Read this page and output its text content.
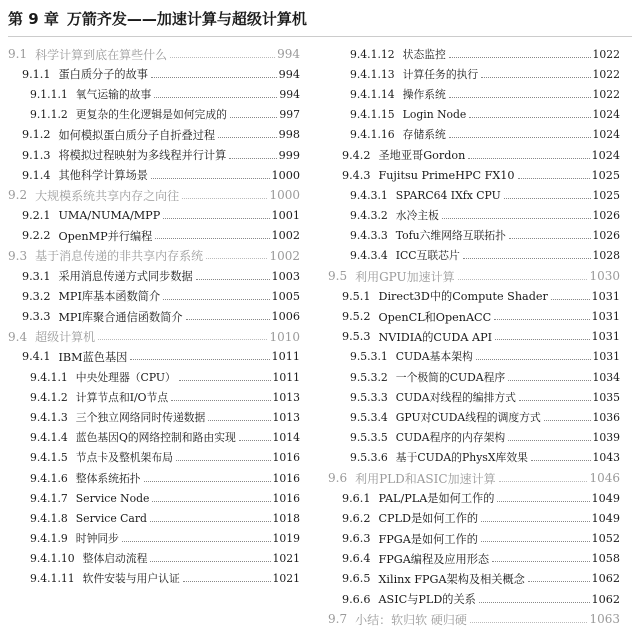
第 9 章 万箭齐发——加速计算与超级计算机
9.1 科学计算到底在算些什么	994
9.1.1 蛋白质分子的故事	994
9.1.1.1 氧气运输的故事	994
9.1.1.2 更复杂的生化逻辑是如何完成的	997
9.1.2 如何模拟蛋白质分子自折叠过程	998
9.1.3 将模拟过程映射为多线程并行计算	999
9.1.4 其他科学计算场景	1000
9.2 大规模系统共享内存之向往	1000
9.2.1 UMA/NUMA/MPP	1001
9.2.2 OpenMP并行编程	1002
9.3 基于消息传递的非共享内存系统	1002
9.3.1 采用消息传递方式同步数据	1003
9.3.2 MPI库基本函数简介	1005
9.3.3 MPI库聚合通信函数简介	1006
9.4 超级计算机	1010
9.4.1 IBM蓝色基因	1011
9.4.1.1 中央处理器（CPU）	1011
9.4.1.2 计算节点和I/O节点	1013
9.4.1.3 三个独立网络同时传递数据	1013
9.4.1.4 蓝色基因Q的网络控制和路由实现	1014
9.4.1.5 节点卡及整机架布局	1016
9.4.1.6 整体系统拓扑	1016
9.4.1.7 Service Node	1016
9.4.1.8 Service Card	1018
9.4.1.9 时钟同步	1019
9.4.1.10 整体启动流程	1021
9.4.1.11 软件安装与用户认证	1021
9.4.1.12 状态监控	1022
9.4.1.13 计算任务的执行	1022
9.4.1.14 操作系统	1022
9.4.1.15 Login Node	1024
9.4.1.16 存储系统	1024
9.4.2 圣地亚哥Gordon	1024
9.4.3 Fujitsu PrimeHPC FX10	1025
9.4.3.1 SPARC64 IXfx CPU	1025
9.4.3.2 水冷主板	1026
9.4.3.3 Tofu六维网络互联拓扑	1026
9.4.3.4 ICC互联芯片	1028
9.5 利用GPU加速计算	1030
9.5.1 Direct3D中的Compute Shader	1031
9.5.2 OpenCL和OpenACC	1031
9.5.3 NVIDIA的CUDA API	1031
9.5.3.1 CUDA基本架构	1031
9.5.3.2 一个极简的CUDA程序	1034
9.5.3.3 CUDA对线程的编排方式	1035
9.5.3.4 GPU对CUDA线程的调度方式	1036
9.5.3.5 CUDA程序的内存架构	1039
9.5.3.6 基于CUDA的PhysX库效果	1043
9.6 利用PLD和ASIC加速计算	1046
9.6.1 PAL/PLA是如何工作的	1049
9.6.2 CPLD是如何工作的	1049
9.6.3 FPGA是如何工作的	1052
9.6.4 FPGA编程及应用形态	1058
9.6.5 Xilinx FPGA架构及相关概念	1062
9.6.6 ASIC与PLD的关系	1062
9.7 小结：软归软 硬归硬	1063
